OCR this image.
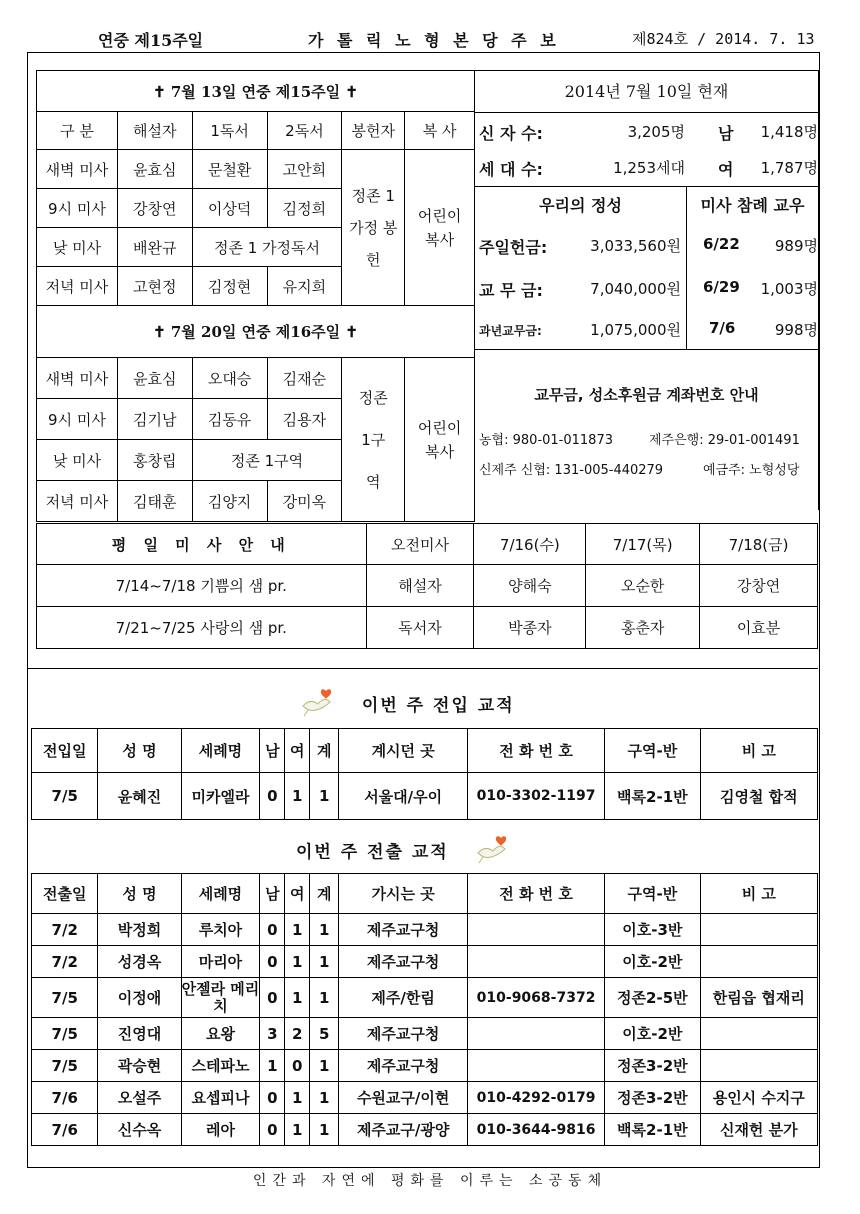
연중 제15주일	가 톨 릭 노 형 본 당 주 보	제824호 / 2014. 7. 13
✝ 7월 13일 연중 제15주일 ✝					
구 분	해설자	1독서	2독서	봉헌자	복 사
새벽 미사	윤효심	문철환	고안희	정존 1 가정 봉헌	어린이 복사
9시 미사	강창연	이상덕	김정희		
낮 미사	배완규	정존 1 가정독서			
저녁 미사	고현정	김정현	유지희		
✝ 7월 20일 연중 제16주일 ✝					
새벽 미사	윤효심	오대승	김재순	정존 1구역	어린이 복사
9시 미사	김기남	김동유	김용자		
낮 미사	홍창립	정존 1구역			
저녁 미사	김태훈	김양지	강미옥		
2014년 7월 10일 현재
신 자 수:	3,205명 남	1,418명
세 대 수:	1,253세대 여	1,787명
우리의 정성	미사 참례 교우
주일헌금:	3,033,560원
교 무 금:	7,040,000원
과년교무금:	1,075,000원
6/22	989명
6/29	1,003명
7/6	998명
교무금, 성소후원금 계좌번호 안내
농협: 980-01-011873	제주은행: 29-01-001491
신제주 신협: 131-005-440279	예금주: 노형성당
평 일 미 사 안 내	오전미사	7/16(수)	7/17(목)	7/18(금)
7/14~7/18 기쁨의 샘 pr.	해설자	양해숙	오순한	강창연
7/21~7/25 사랑의 샘 pr.	독서자	박종자	홍춘자	이효분
이번 주 전입 교적
전입일	성 명	세례명	남	여	계	계시던 곳	전 화 번 호	구역-반	비 고
7/5	윤혜진	미카엘라	0	1	1	서울대/우이	010-3302-1197	백록2-1반	김영철 합적
이번 주 전출 교적
전출일	성 명	세례명	남	여	계	가시는 곳	전 화 번 호	구역-반	비 고
7/2	박정희	루치아	0	1	1	제주교구청		이호-3반	
7/2	성경옥	마리아	0	1	1	제주교구청		이호-2반	
7/5	이정애	안젤라 메리치	0	1	1	제주/한림	010-9068-7372	정존2-5반	한림읍 협재리
7/5	진영대	요왕	3	2	5	제주교구청		이호-2반	
7/5	곽승현	스테파노	1	0	1	제주교구청		정존3-2반	
7/6	오설주	요셉피나	0	1	1	수원교구/이현	010-4292-0179	정존3-2반	용인시 수지구
7/6	신수옥	레아	0	1	1	제주교구/광양	010-3644-9816	백록2-1반	신재헌 분가
인간과 자연에 평화를 이루는 소공동체
